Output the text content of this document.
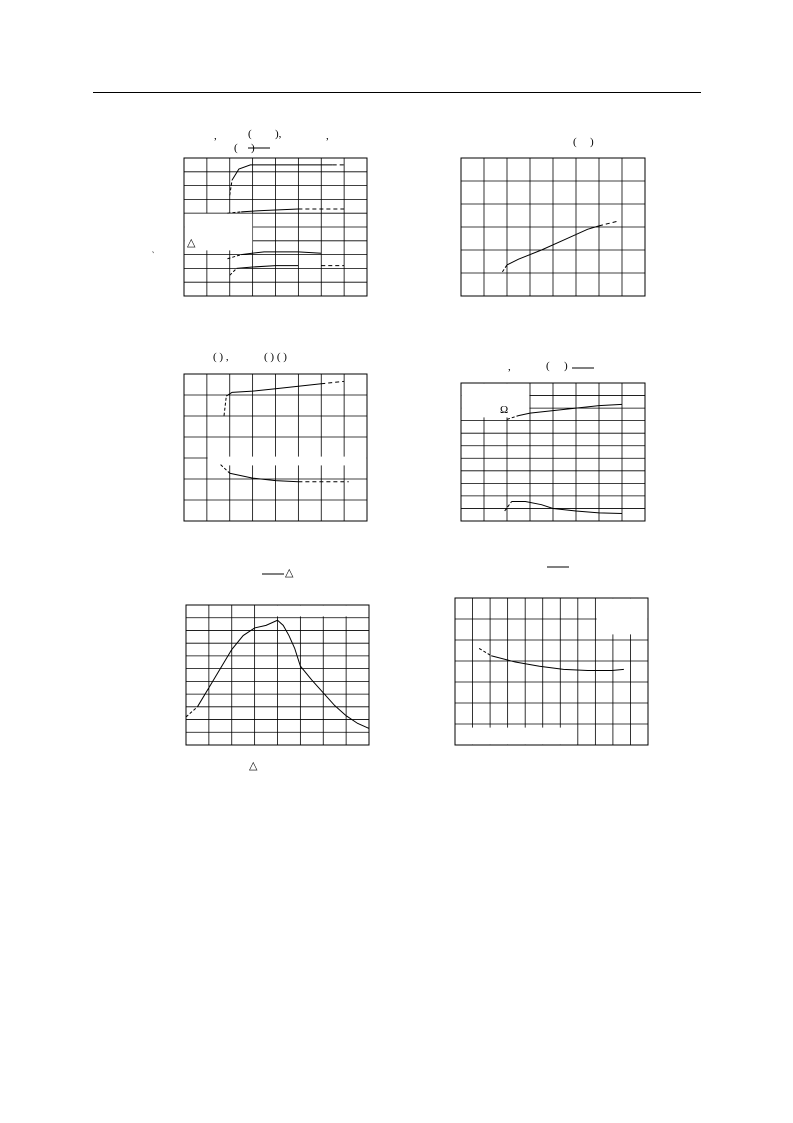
,	( ),	,
( )
△
‵
( )
( ) ,	( ) ( )
,	( )
Ω
△
△
